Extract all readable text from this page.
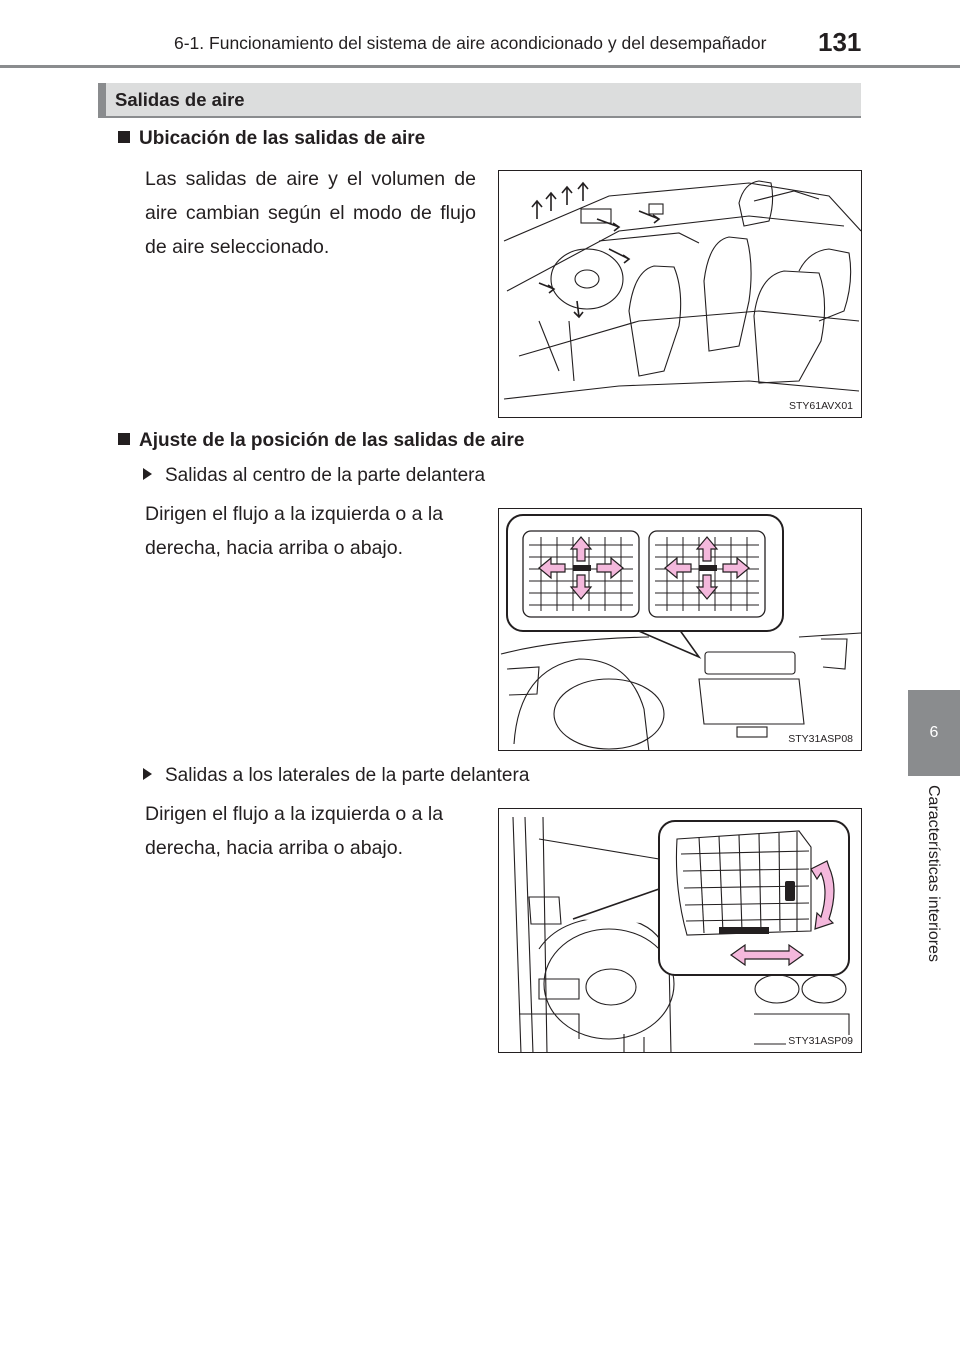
6-1. Funcionamiento del sistema de aire acondicionado y del desempañador 131
6
Características interiores
Salidas de aire
Ubicación de las salidas de aire
Las salidas de aire y el volumen de aire cambian según el modo de flujo de aire seleccionado.
STY61AVX01
Ajuste de la posición de las salidas de aire
Salidas al centro de la parte delantera
Dirigen el flujo a la izquierda o a la derecha, hacia arriba o abajo.
STY31ASP08
Salidas a los laterales de la parte delantera
Dirigen el flujo a la izquierda o a la derecha, hacia arriba o abajo.
STY31ASP09
